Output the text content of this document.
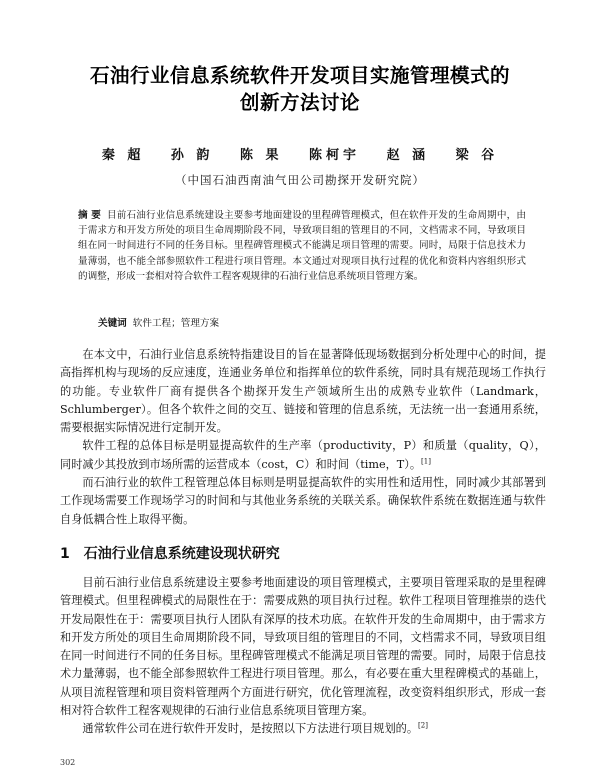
石油行业信息系统软件开发项目实施管理模式的
创新方法讨论
秦 超 孙 韵 陈 果 陈柯宇 赵 涵 梁 谷
（中国石油西南油气田公司勘探开发研究院）
摘 要 目前石油行业信息系统建设主要参考地面建设的里程碑管理模式，但在软件开发的生命周期中，由于需求方和开发方所处的项目生命周期阶段不同，导致项目组的管理目的不同，文档需求不同，导致项目组在同一时间进行不同的任务目标。里程碑管理模式不能满足项目管理的需要。同时，局限于信息技术力量薄弱，也不能全部参照软件工程进行项目管理。本文通过对现项目执行过程的优化和资料内容组织形式的调整，形成一套相对符合软件工程客观规律的石油行业信息系统项目管理方案。
关键词 软件工程；管理方案

在本文中，石油行业信息系统特指建设目的旨在显著降低现场数据到分析处理中心的时间，提高指挥机构与现场的反应速度，连通业务单位和指挥单位的软件系统，同时具有规范现场工作执行的功能。专业软件厂商有提供各个勘探开发生产领域所生出的成熟专业软件（Landmark，Schlumberger）。但各个软件之间的交互、链接和管理的信息系统，无法统一出一套通用系统，需要根据实际情况进行定制开发。

软件工程的总体目标是明显提高软件的生产率（productivity，P）和质量（quality，Q），同时减少其投放到市场所需的运营成本（cost，C）和时间（time，T）。[1]

而石油行业的软件工程管理总体目标则是明显提高软件的实用性和适用性，同时减少其部署到工作现场需要工作现场学习的时间和与其他业务系统的关联关系。确保软件系统在数据连通与软件自身低耦合性上取得平衡。

1 石油行业信息系统建设现状研究

目前石油行业信息系统建设主要参考地面建设的项目管理模式，主要项目管理采取的是里程碑管理模式。但里程碑模式的局限性在于：需要成熟的项目执行过程。软件工程项目管理推崇的迭代开发局限性在于：需要项目执行人团队有深厚的技术功底。在软件开发的生命周期中，由于需求方和开发方所处的项目生命周期阶段不同，导致项目组的管理目的不同，文档需求不同，导致项目组在同一时间进行不同的任务目标。里程碑管理模式不能满足项目管理的需要。同时，局限于信息技术力量薄弱，也不能全部参照软件工程进行项目管理。那么，有必要在重大里程碑模式的基础上，从项目流程管理和项目资料管理两个方面进行研究，优化管理流程，改变资料组织形式，形成一套相对符合软件工程客观规律的石油行业信息系统项目管理方案。

通常软件公司在进行软件开发时，是按照以下方法进行项目规划的。[2]

302
